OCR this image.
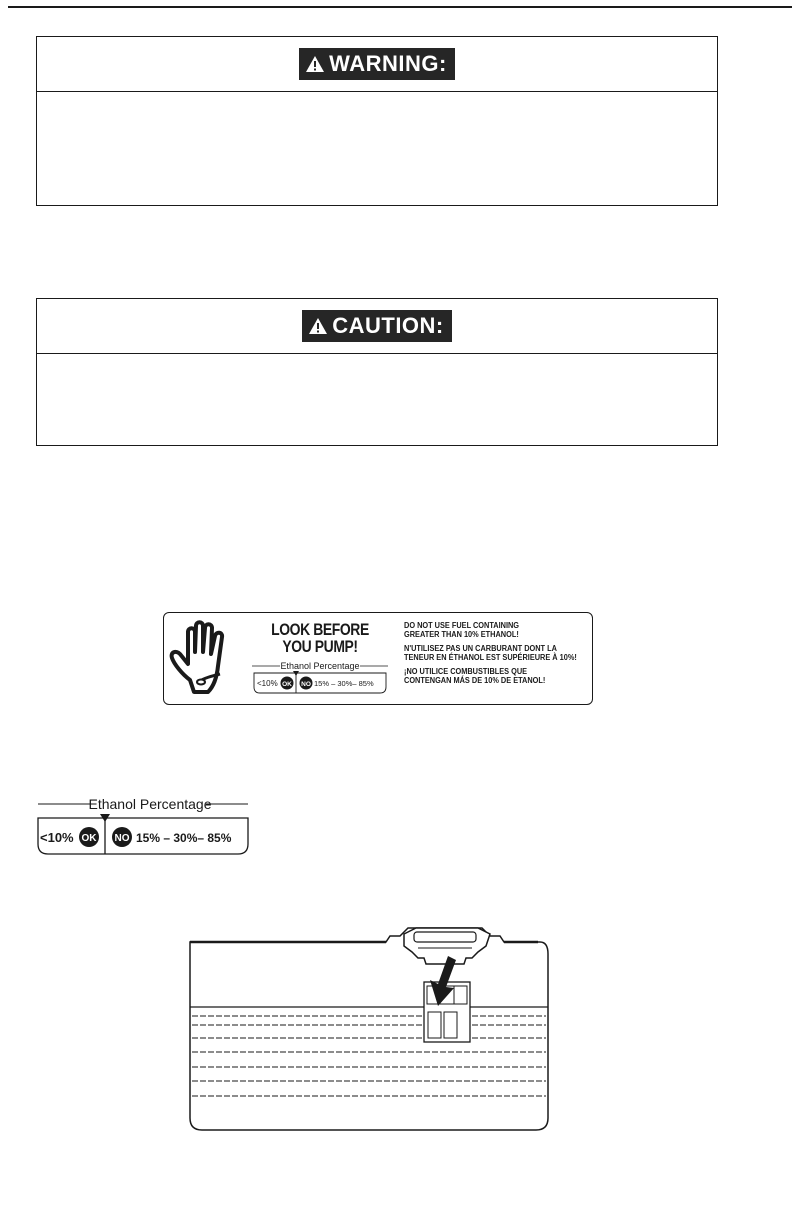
WARNING:
CAUTION:
LOOK BEFORE
YOU PUMP!
Ethanol Percentage
<10% OK NO 15% – 30%– 85%

DO NOT USE FUEL CONTAINING
GREATER THAN 10% ETHANOL!

N'UTILISEZ PAS UN CARBURANT DONT LA
TENEUR EN ÉTHANOL EST SUPÉRIEURE À 10%!

¡NO UTILICE COMBUSTIBLES QUE
CONTENGAN MÁS DE 10% DE ETANOL!

Ethanol Percentage
<10% OK NO 15% – 30%– 85%
